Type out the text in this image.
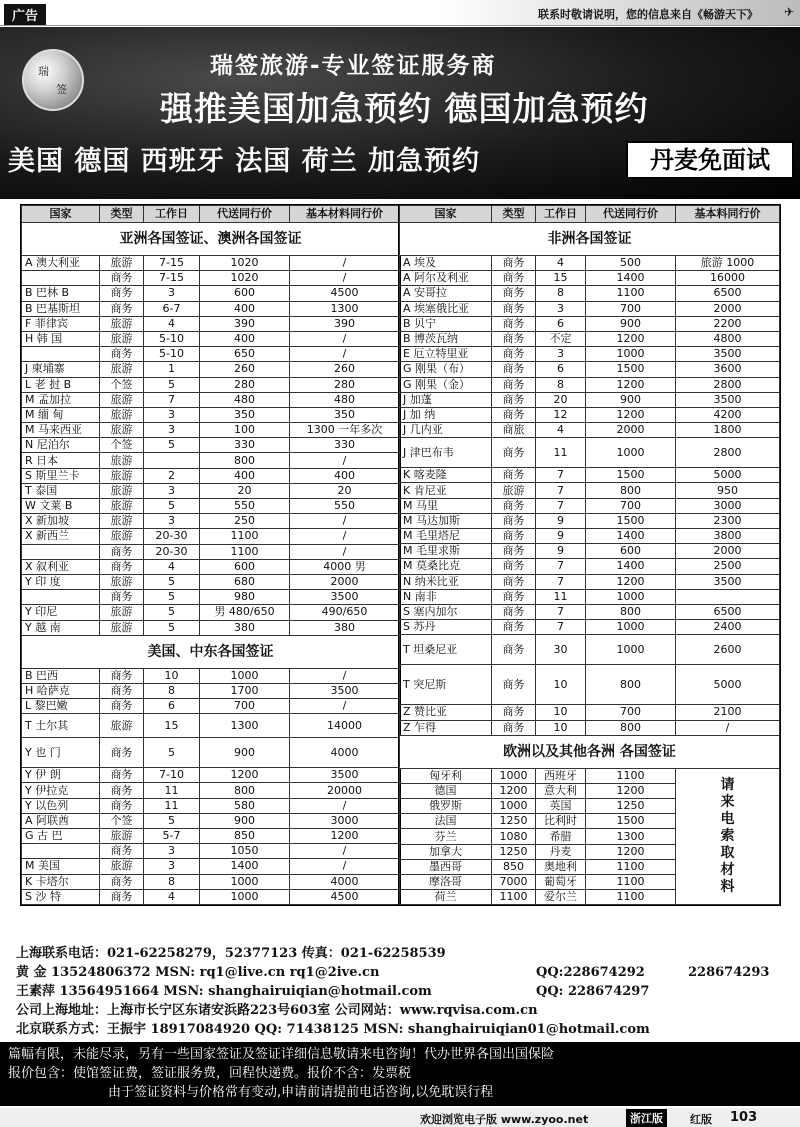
广告	联系时敬请说明，您的信息来自《畅游天下》 ✈
瑞
签
瑞签旅游-专业签证服务商
强推美国加急预约 德国加急预约
美国 德国 西班牙 法国 荷兰 加急预约	丹麦免面试
国家	类型	工作日	代送同行价	基本材料同行价
亚洲各国签证、澳洲各国签证				
A 澳大利亚	旅游	7-15	1020	/
	商务	7-15	1020	/
B 巴林 B	商务	3	600	4500
B 巴基斯坦	商务	6-7	400	1300
F 菲律宾	旅游	4	390	390
H 韩 国	旅游	5-10	400	/
	商务	5-10	650	/
J 柬埔寨	旅游	1	260	260
L 老 挝 B	个签	5	280	280
M 孟加拉	旅游	7	480	480
M 缅 甸	旅游	3	350	350
M 马来西亚	旅游	3	100	1300 一年多次
N 尼泊尔	个签	5	330	330
R 日本	旅游		800	/
S 斯里兰卡	旅游	2	400	400
T 泰国	旅游	3	20	20
W 文莱 B	旅游	5	550	550
X 新加坡	旅游	3	250	/
X 新西兰	旅游	20-30	1100	/
	商务	20-30	1100	/
X 叙利亚	商务	4	600	4000 男
Y 印 度	旅游	5	680	2000
	商务	5	980	3500
Y 印尼	旅游	5	男 480/650	490/650
Y 越 南	旅游	5	380	380
美国、中东各国签证				
B 巴西	商务	10	1000	/
H 哈萨克	商务	8	1700	3500
L 黎巴嫩	商务	6	700	/
T 土尔其	旅游	15	1300	14000
Y 也 门	商务	5	900	4000
Y 伊 朗	商务	7-10	1200	3500
Y 伊拉克	商务	11	800	20000
Y 以色列	商务	11	580	/
A 阿联酋	个签	5	900	3000
G 古 巴	旅游	5-7	850	1200
	商务	3	1050	/
M 美国	旅游	3	1400	/
K 卡塔尔	商务	8	1000	4000
S 沙 特	商务	4	1000	4500
国家	类型	工作日	代送同行价	基本料同行价
非洲各国签证				
A 埃及	商务	4	500	旅游 1000
A 阿尔及利亚	商务	15	1400	16000
A 安哥拉	商务	8	1100	6500
A 埃塞俄比亚	商务	3	700	2000
B 贝宁	商务	6	900	2200
B 博茨瓦纳	商务	不定	1200	4800
E 厄立特里亚	商务	3	1000	3500
G 刚果（布）	商务	6	1500	3600
G 刚果（金）	商务	8	1200	2800
J 加蓬	商务	20	900	3500
J 加 纳	商务	12	1200	4200
J 几内亚	商旅	4	2000	1800
J 津巴布韦	商务	11	1000	2800
K 喀麦隆	商务	7	1500	5000
K 肯尼亚	旅游	7	800	950
M 马里	商务	7	700	3000
M 马达加斯	商务	9	1500	2300
M 毛里塔尼	商务	9	1400	3800
M 毛里求斯	商务	9	600	2000
M 莫桑比克	商务	7	1400	2500
N 纳米比亚	商务	7	1200	3500
N 南非	商务	11	1000	
S 塞内加尔	商务	7	800	6500
S 苏丹	商务	7	1000	2400
T 坦桑尼亚	商务	30	1000	2600
T 突尼斯	商务	10	800	5000
Z 赞比亚	商务	10	700	2100
Z 乍得	商务	10	800	/
欧洲以及其他各洲 各国签证				
匈牙利	1000	西班牙	1100	请来电索取材料
德国	1200	意大利	1200	
俄罗斯	1000	英国	1250	
法国	1250	比利时	1500	
芬兰	1080	希腊	1300	
加拿大	1250	丹麦	1200	
墨西哥	850	奥地利	1100	
摩洛哥	7000	葡萄牙	1100	
荷兰	1100	爱尔兰	1100	
上海联系电话：021-62258279，52377123 传真：021-62258539
黄 金 13524806372 MSN: rq1@live.cn rq1@2ive.cn	QQ:228674292	228674293
王素萍 13564951664 MSN: shanghairuiqian@hotmail.com	QQ: 228674297
公司上海地址：上海市长宁区东诸安浜路223号603室 公司网站：www.rqvisa.com.cn
北京联系方式：王振宇 18917084920 QQ: 71438125 MSN: shanghairuiqian01@hotmail.com
篇幅有限，未能尽录，另有一些国家签证及签证详细信息敬请来电咨询！代办世界各国出国保险
报价包含：使馆签证费，签证服务费，回程快递费。报价不含：发票税
由于签证资料与价格常有变动,申请前请提前电话咨询,以免耽误行程
欢迎浏览电子版 www.zyoo.net	浙江版	红版 103
